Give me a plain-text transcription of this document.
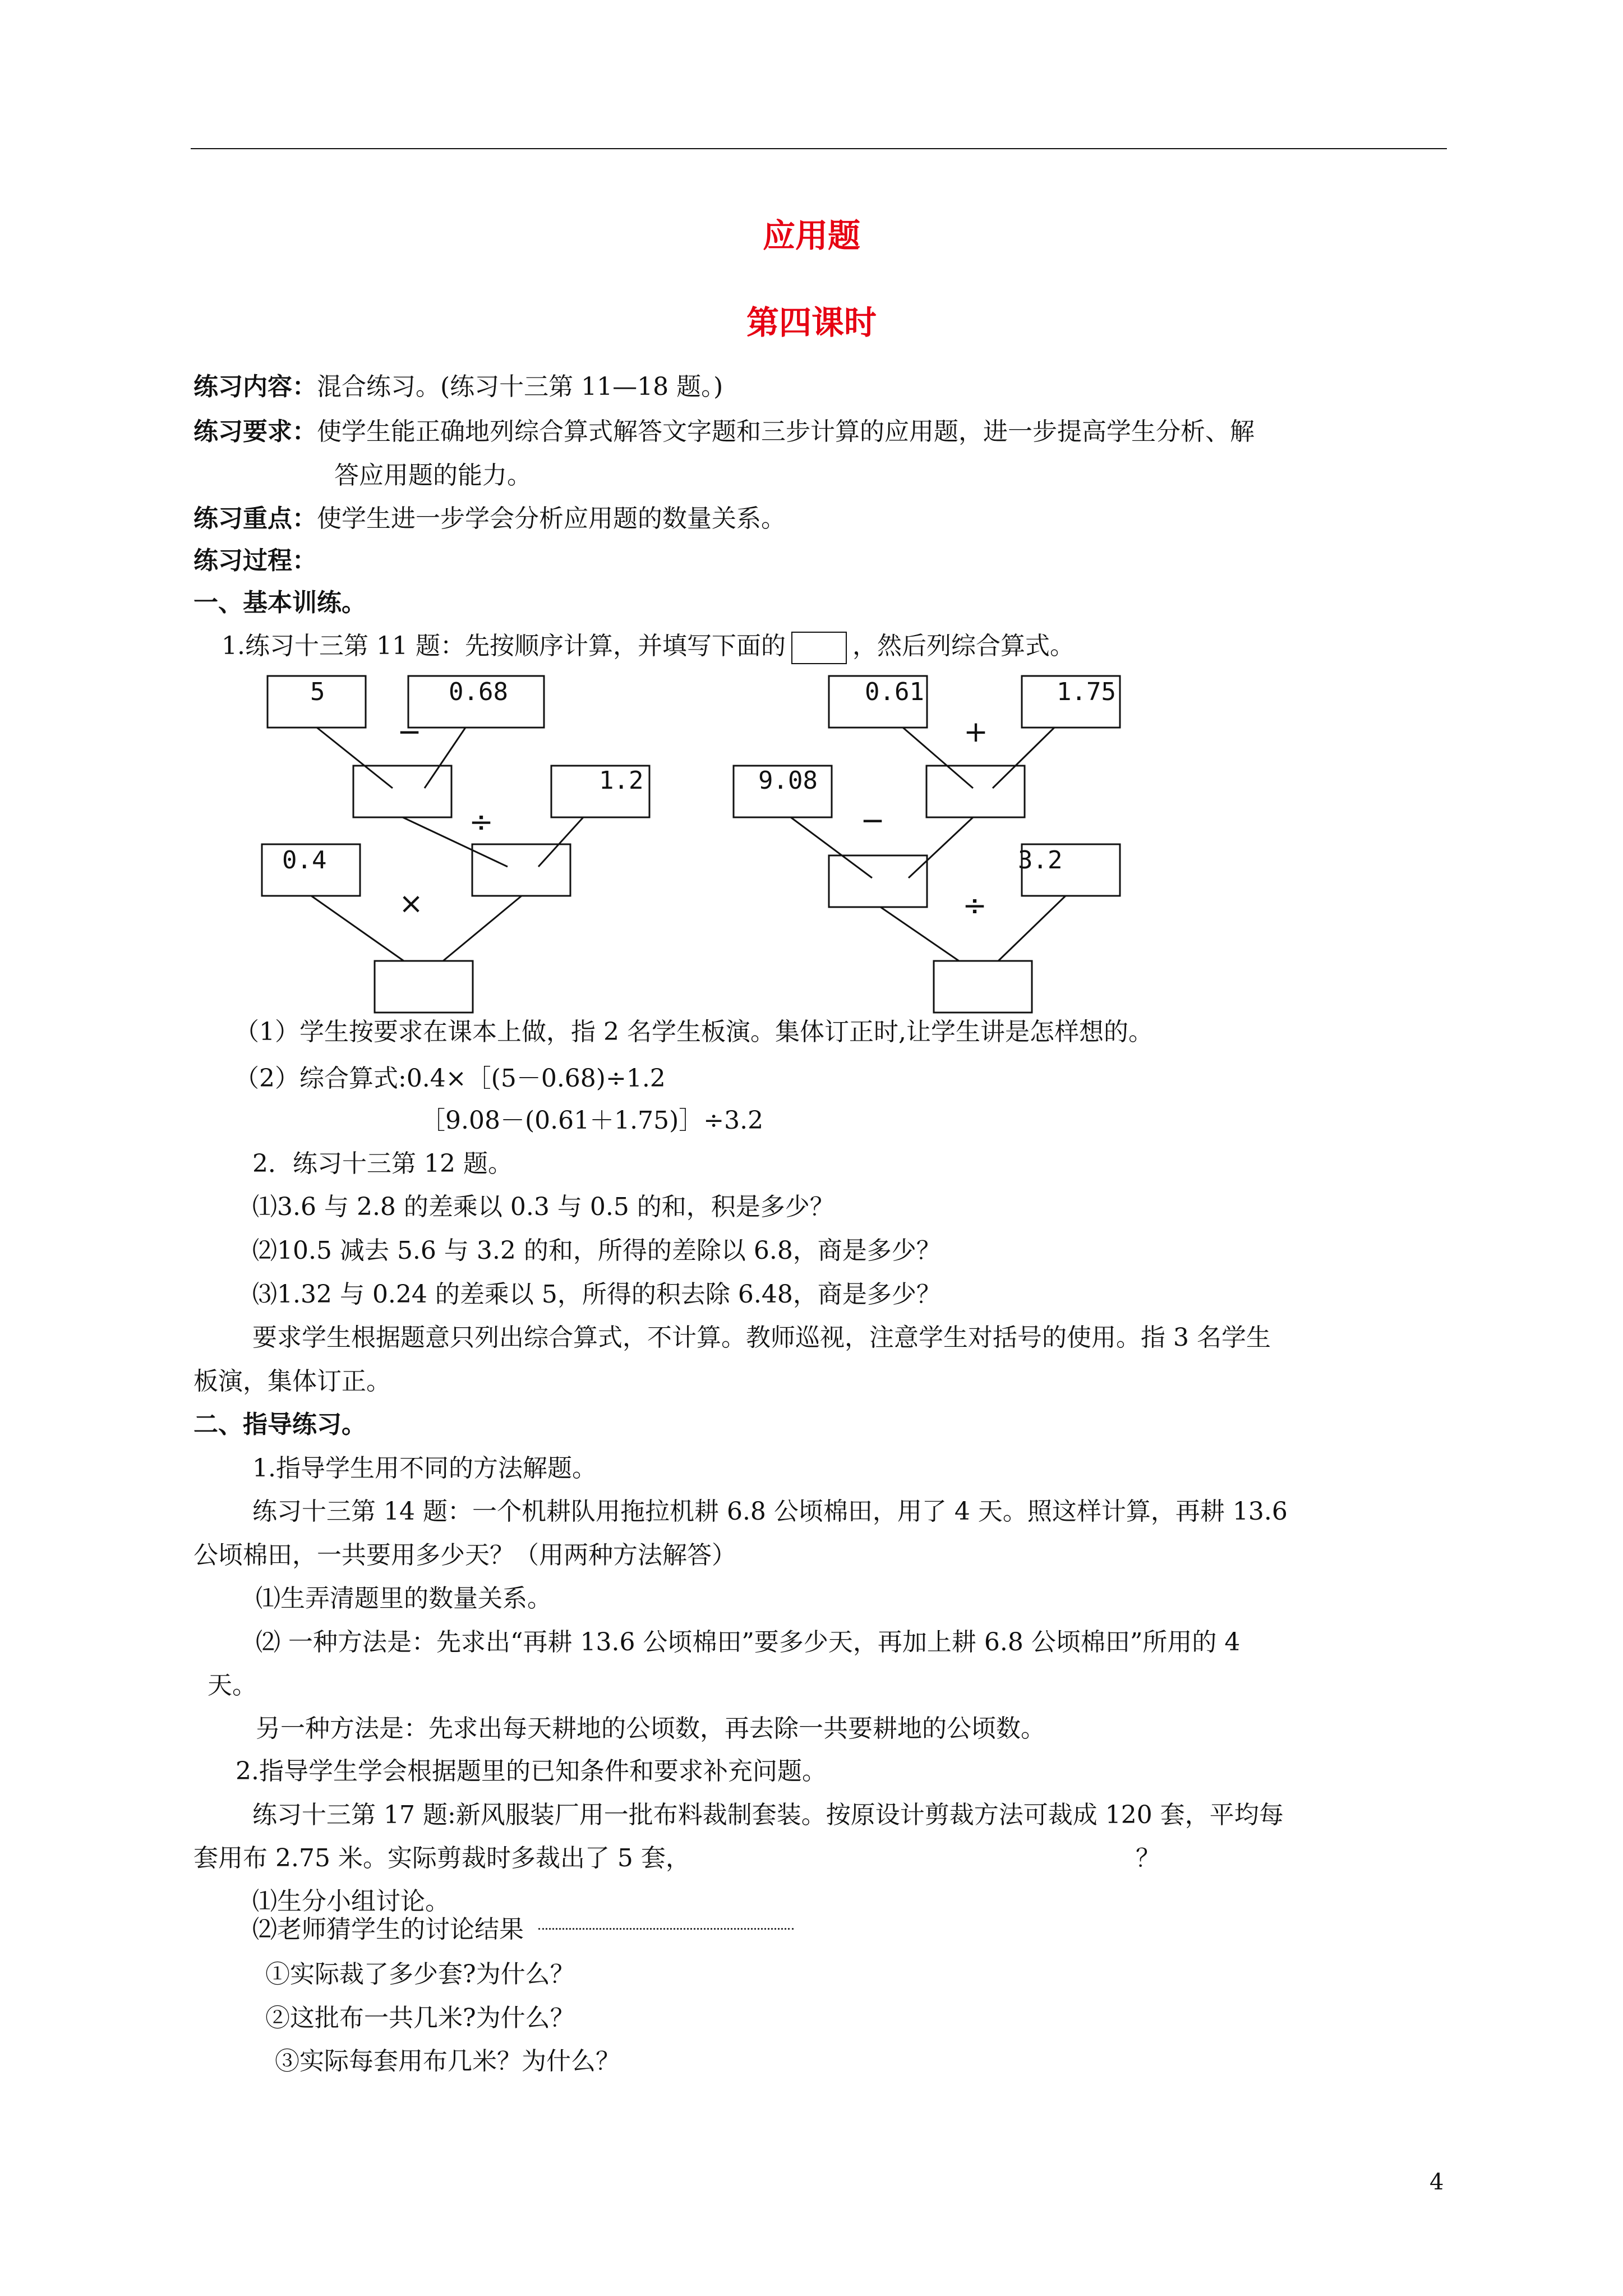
应用题
第四课时
练习内容：混合练习。(练习十三第 11—18 题。)
练习要求：使学生能正确地列综合算式解答文字题和三步计算的应用题，进一步提高学生分析、解
答应用题的能力。
练习重点：使学生进一步学会分析应用题的数量关系。
练习过程：
一、基本训练。
1.练习十三第 11 题：先按顺序计算，并填写下面的	，然后列综合算式。
5	0.68
1.2
0.4
0.61	1.75
9.08
3.2
−
÷
×
+
−
÷
（1）学生按要求在课本上做，指 2 名学生板演。集体订正时,让学生讲是怎样想的。
（2）综合算式:0.4×［(5－0.68)÷1.2
［9.08－(0.61＋1.75)］÷3.2
2．练习十三第 12 题。
⑴3.6 与 2.8 的差乘以 0.3 与 0.5 的和，积是多少？
⑵10.5 减去 5.6 与 3.2 的和，所得的差除以 6.8，商是多少？
⑶1.32 与 0.24 的差乘以 5，所得的积去除 6.48，商是多少？
要求学生根据题意只列出综合算式，不计算。教师巡视，注意学生对括号的使用。指 3 名学生
板演，集体订正。
二、指导练习。
1.指导学生用不同的方法解题。
练习十三第 14 题：一个机耕队用拖拉机耕 6.8 公顷棉田，用了 4 天。照这样计算，再耕 13.6
公顷棉田，一共要用多少天？（用两种方法解答）
⑴生弄清题里的数量关系。
⑵ 一种方法是：先求出“再耕 13.6 公顷棉田”要多少天，再加上耕 6.8 公顷棉田”所用的 4
天。
另一种方法是：先求出每天耕地的公顷数，再去除一共要耕地的公顷数。
2.指导学生学会根据题里的已知条件和要求补充问题。
练习十三第 17 题:新风服装厂用一批布料裁制套装。按原设计剪裁方法可裁成 120 套，平均每
套用布 2.75 米。实际剪裁时多裁出了 5 套，	？
⑴生分小组讨论。
⑵老师猜学生的讨论结果
①实际裁了多少套?为什么？
②这批布一共几米?为什么？
③实际每套用布几米？为什么？
4
